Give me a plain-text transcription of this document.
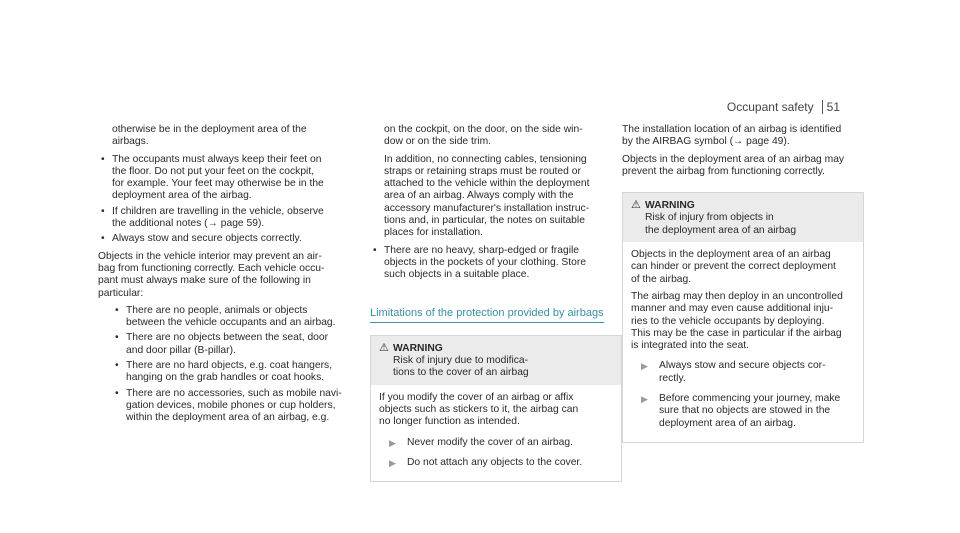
Occupant safety 51

otherwise be in the deployment area of the
airbags.

• The occupants must always keep their feet on
the floor. Do not put your feet on the cockpit,
for example. Your feet may otherwise be in the
deployment area of the airbag.
• If children are travelling in the vehicle, observe
the additional notes (→ page 59).
• Always stow and secure objects correctly.

Objects in the vehicle interior may prevent an air-
bag from functioning correctly. Each vehicle occu-
pant must always make sure of the following in
particular:

• There are no people, animals or objects
between the vehicle occupants and an airbag.
• There are no objects between the seat, door
and door pillar (B-pillar).
• There are no hard objects, e.g. coat hangers,
hanging on the grab handles or coat hooks.
• There are no accessories, such as mobile navi-
gation devices, mobile phones or cup holders,
within the deployment area of an airbag, e.g.

on the cockpit, on the door, on the side win-
dow or on the side trim.

In addition, no connecting cables, tensioning
straps or retaining straps must be routed or
attached to the vehicle within the deployment
area of an airbag. Always comply with the
accessory manufacturer's installation instruc-
tions and, in particular, the notes on suitable
places for installation.

• There are no heavy, sharp-edged or fragile
objects in the pockets of your clothing. Store
such objects in a suitable place.
Limitations of the protection provided by airbags
⚠ WARNING
Risk of injury due to modifica-
tions to the cover of an airbag

If you modify the cover of an airbag or affix
objects such as stickers to it, the airbag can
no longer function as intended.

▶ Never modify the cover of an airbag.
▶ Do not attach any objects to the cover.

The installation location of an airbag is identified
by the AIRBAG symbol (→ page 49).

Objects in the deployment area of an airbag may
prevent the airbag from functioning correctly.

⚠ WARNING
Risk of injury from objects in
the deployment area of an airbag

Objects in the deployment area of an airbag
can hinder or prevent the correct deployment
of the airbag.

The airbag may then deploy in an uncontrolled
manner and may even cause additional inju-
ries to the vehicle occupants by deploying.
This may be the case in particular if the airbag
is integrated into the seat.

▶ Always stow and secure objects cor-
rectly.
▶ Before commencing your journey, make
sure that no objects are stowed in the
deployment area of an airbag.
